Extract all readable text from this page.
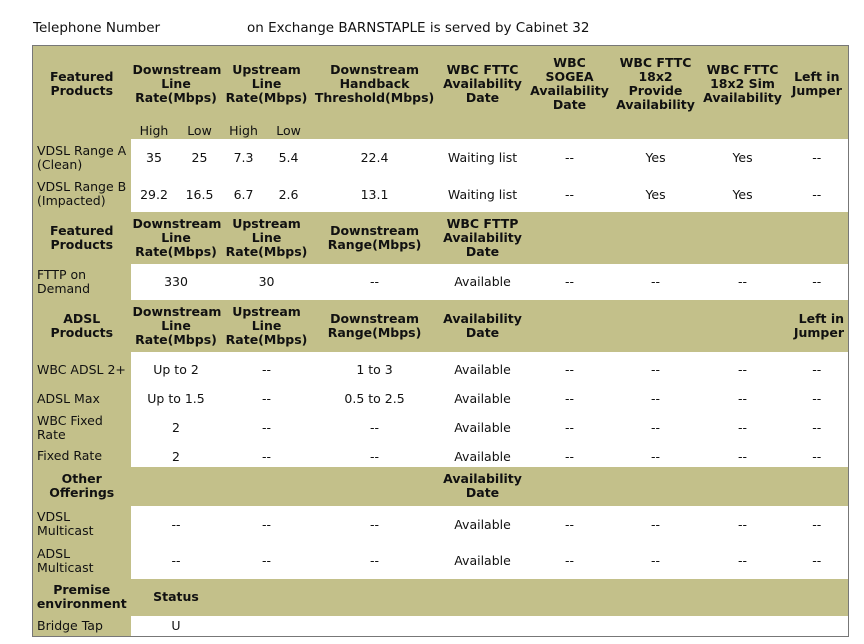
Telephone Number	on Exchange BARNSTAPLE is served by Cabinet 32
Featured Products	Downstream Line Rate(Mbps)		Upstream Line Rate(Mbps)		Downstream Handback Threshold(Mbps)	WBC FTTC Availability Date	WBC SOGEA Availability Date	WBC FTTC 18x2 Provide Availability	WBC FTTC 18x2 Sim Availability	Left in Jumper
	High	Low	High	Low						
VDSL Range A (Clean)	35	25	7.3	5.4	22.4	Waiting list	--	Yes	Yes	--
VDSL Range B (Impacted)	29.2	16.5	6.7	2.6	13.1	Waiting list	--	Yes	Yes	--
Featured Products	Downstream Line Rate(Mbps)		Upstream Line Rate(Mbps)		Downstream Range(Mbps)	WBC FTTP Availability Date				
FTTP on Demand	330		30		--	Available	--	--	--	--
ADSL Products	Downstream Line Rate(Mbps)		Upstream Line Rate(Mbps)		Downstream Range(Mbps)	Availability Date				Left in Jumper
WBC ADSL 2+	Up to 2		--		1 to 3	Available	--	--	--	--
ADSL Max	Up to 1.5		--		0.5 to 2.5	Available	--	--	--	--
WBC Fixed Rate	2		--		--	Available	--	--	--	--
Fixed Rate	2		--		--	Available	--	--	--	--
Other Offerings						Availability Date				
VDSL Multicast	--		--		--	Available	--	--	--	--
ADSL Multicast	--		--		--	Available	--	--	--	--
Premise environment	Status									
Bridge Tap	U									
